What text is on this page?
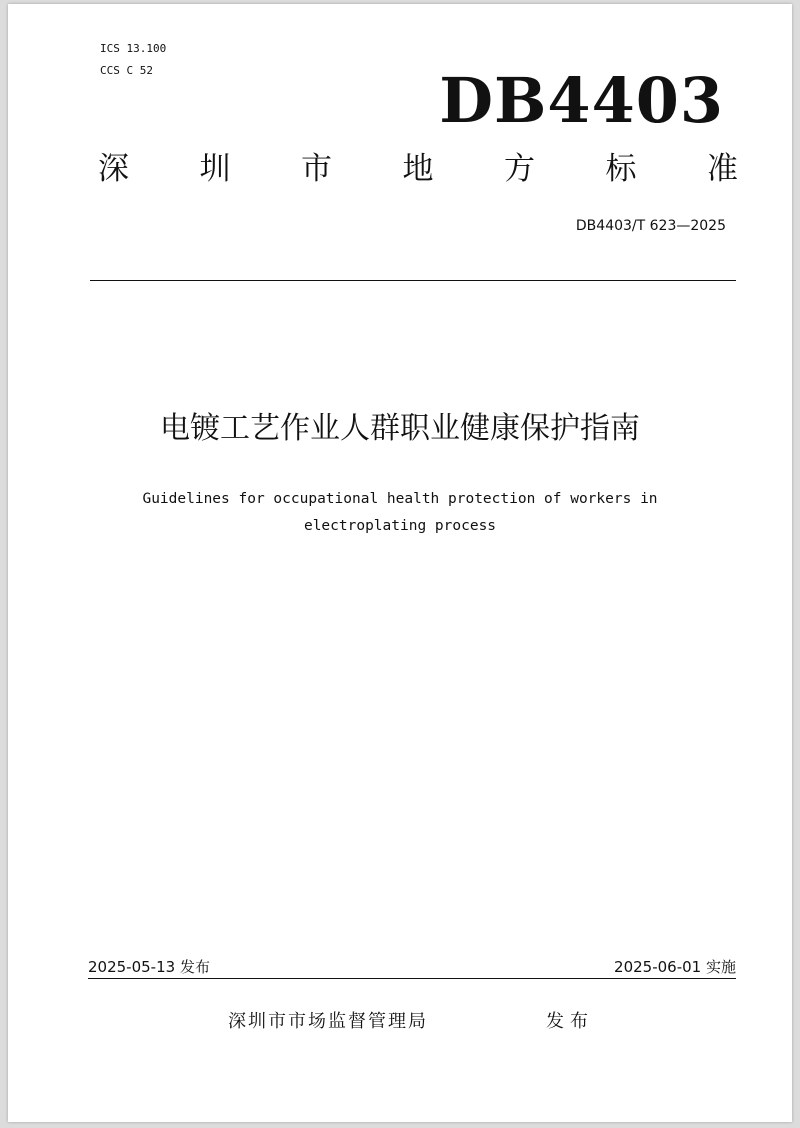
ICS 13.100
CCS C 52	DB4403
深 圳 市 地 方 标 准
DB4403/T 623—2025
电镀工艺作业人群职业健康保护指南
Guidelines for occupational health protection of workers in
electroplating process
2025-05-13 发布	2025-06-01 实施
深圳市市场监督管理局	发布
